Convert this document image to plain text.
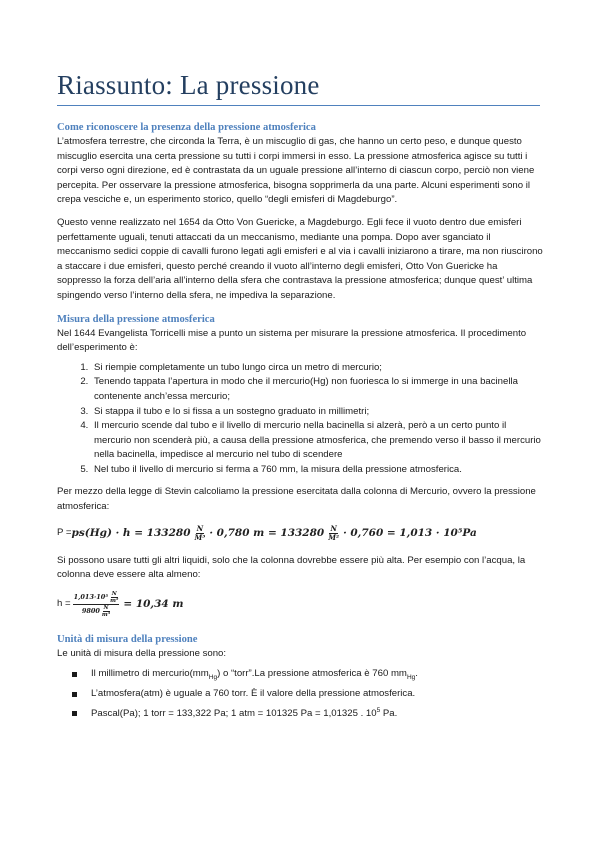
Riassunto: La pressione
Come riconoscere la presenza della pressione atmosferica

L’atmosfera terrestre, che circonda la Terra, è un miscuglio di gas, che hanno un certo peso, e dunque questo miscuglio esercita una certa pressione su tutti i corpi immersi in esso. La pressione atmosferica agisce su tutti i corpi verso ogni direzione, ed è contrastata da un uguale pressione all’interno di ciascun corpo, perciò non viene percepita. Per osservare la pressione atmosferica, bisogna sopprimerla da una parte. Alcuni esperimenti sono il crepa vesciche e, un esperimento storico, quello “degli emisferi di Magdeburgo”.

Questo venne realizzato nel 1654 da Otto Von Guericke, a Magdeburgo. Egli fece il vuoto dentro due emisferi perfettamente uguali, tenuti attaccati da un meccanismo, mediante una pompa. Dopo aver sganciato il meccanismo sedici coppie di cavalli furono legati agli emisferi e al via i cavalli iniziarono a tirare, ma non riuscirono a staccare i due emisferi, questo perché creando il vuoto all’interno degli emisferi, Otto Von Guericke ha soppresso la forza dell’aria all’interno della sfera che contrastava la pressione atmosferica; dunque quest’ ultima spingendo verso l’interno della sfera, ne impediva la separazione.

Misura della pressione atmosferica

Nel 1644 Evangelista Torricelli mise a punto un sistema per misurare la pressione atmosferica. Il procedimento dell’esperimento è:

1. Si riempie completamente un tubo lungo circa un metro di mercurio;
2. Tenendo tappata l’apertura in modo che il mercurio(Hg) non fuoriesca lo si immerge in una bacinella contenente anch’essa mercurio;
3. Si stappa il tubo e lo si fissa a un sostegno graduato in millimetri;
4. Il mercurio scende dal tubo e il livello di mercurio nella bacinella si alzerà, però a un certo punto il mercurio non scenderà più, a causa della pressione atmosferica, che premendo verso il basso il mercurio nella bacinella, impedisce al mercurio nel tubo di scendere
5. Nel tubo il livello di mercurio si ferma a 760 mm, la misura della pressione atmosferica.

Per mezzo della legge di Stevin calcoliamo la pressione esercitata dalla colonna di Mercurio, ovvero la pressione atmosferica:

$P = ps(Hg) \cdot h = 133280 \frac{N}{\text{M³}} \cdot 0,780$ $m = 133280 \frac{N}{\text{M²}} \cdot 0,760 = 1,013 \cdot 10^5Pa$

Si possono usare tutti gli altri liquidi, solo che la colonna dovrebbe essere più alta. Per esempio con l’acqua, la colonna deve essere alta almeno:

$h = \frac{1,013\cdot 10^5 \frac{N}{\text{m²}}}{9800 \frac{N}{\text{m³}}} = 10,34$ m
Unità di misura della pressione

Le unità di misura della pressione sono:

Il millimetro di $mercurio(mm_{Hg})$ o “torr”.La pressione atmosferica è 760 $mm_{Hg}$.
L’atmosfera(atm) è uguale a 760 torr. È il valore della pressione atmosferica.
Pascal(Pa); 1 torr = 133,322 Pa; 1 atm = 101325 Pa = 1,01325 . $10^5$ Pa.
